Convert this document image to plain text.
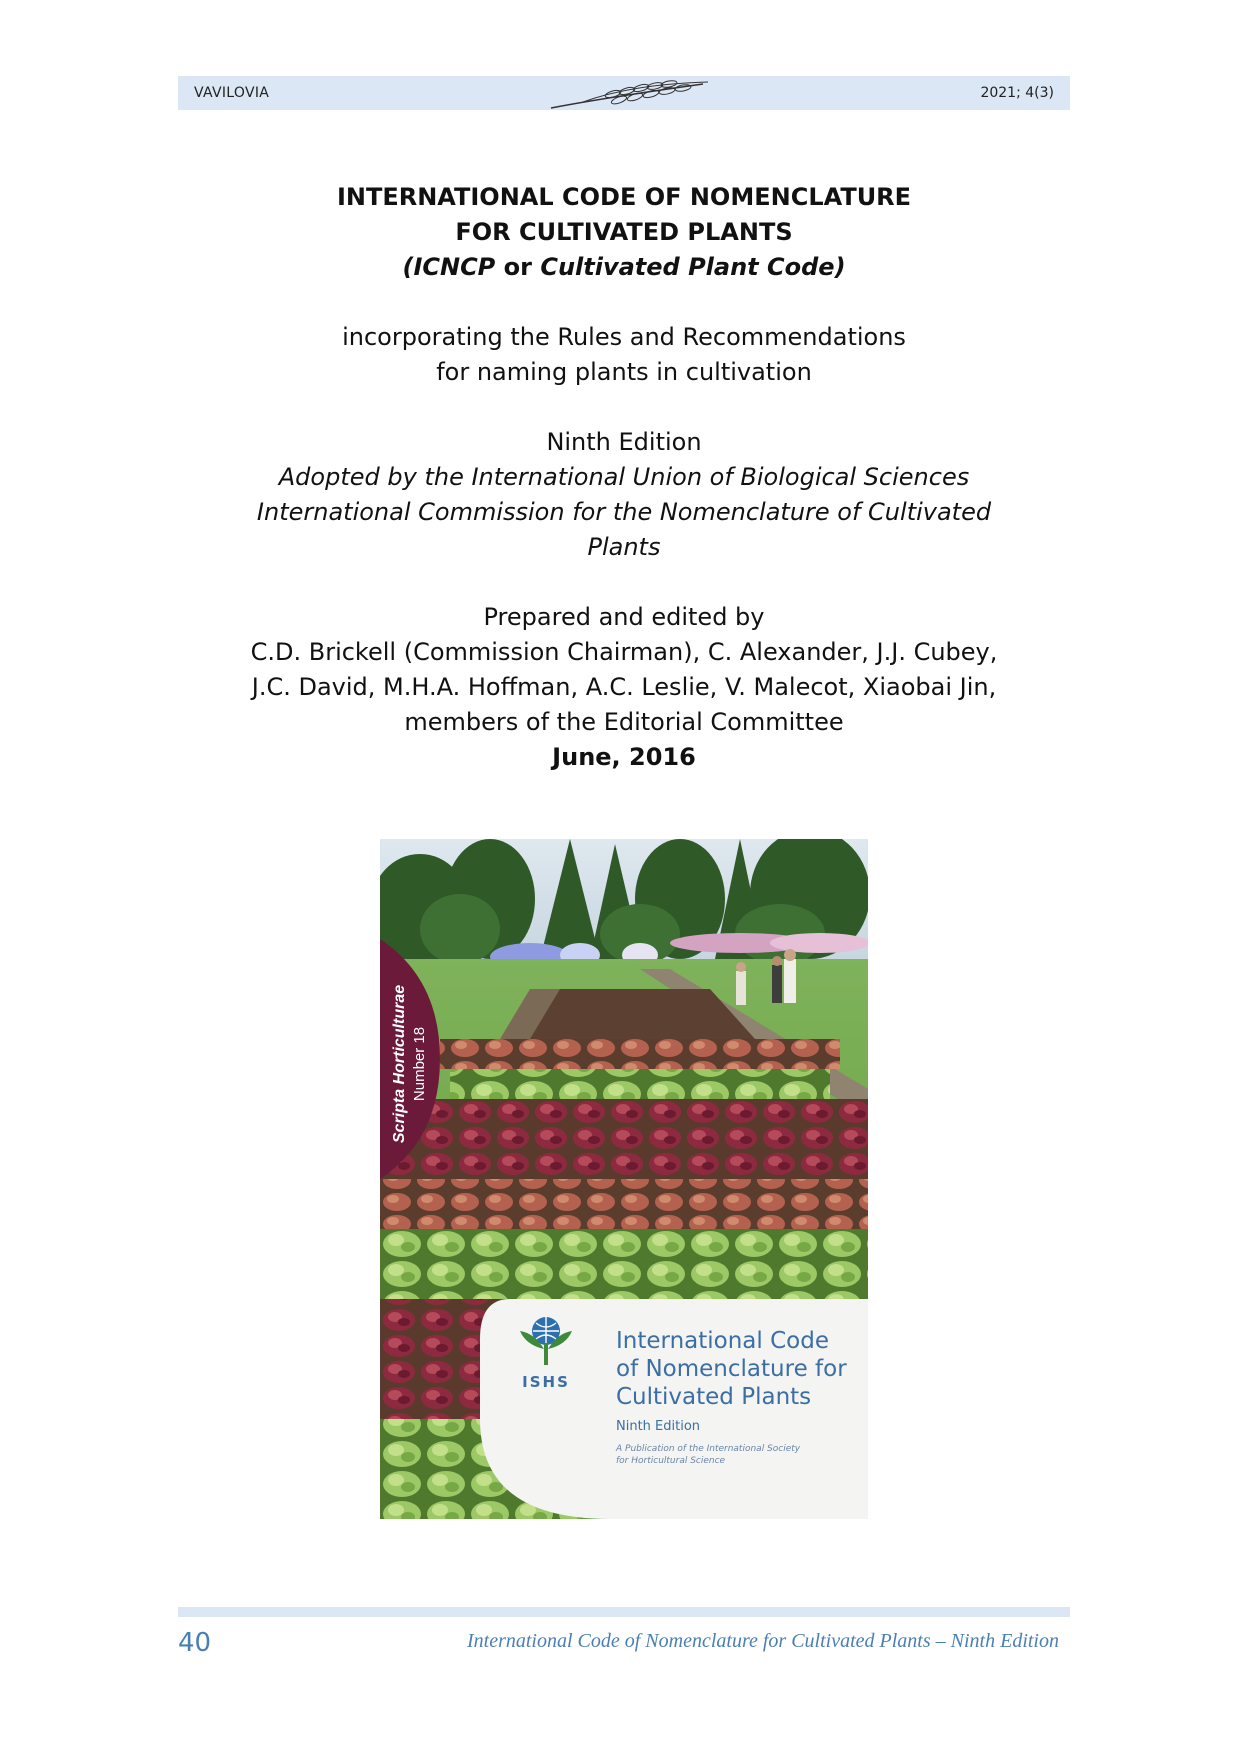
VAVILOVIA	2021; 4(3)
INTERNATIONAL CODE OF NOMENCLATURE
FOR CULTIVATED PLANTS
(ICNCP or Cultivated Plant Code)
incorporating the Rules and Recommendations
for naming plants in cultivation
Ninth Edition
Adopted by the International Union of Biological Sciences
International Commission for the Nomenclature of Cultivated
Plants
Prepared and edited by
C.D. Brickell (Commission Chairman), C. Alexander, J.J. Cubey,
J.C. David, M.H.A. Hoffman, A.C. Leslie, V. Malecot, Xiaobai Jin,
members of the Editorial Committee
June, 2016
Scripta Horticulturae Number 18
ISHS
International Code
of Nomenclature for
Cultivated Plants
Ninth Edition
A Publication of the International Society
for Horticultural Science
40	International Code of Nomenclature for Cultivated Plants – Ninth Edition
